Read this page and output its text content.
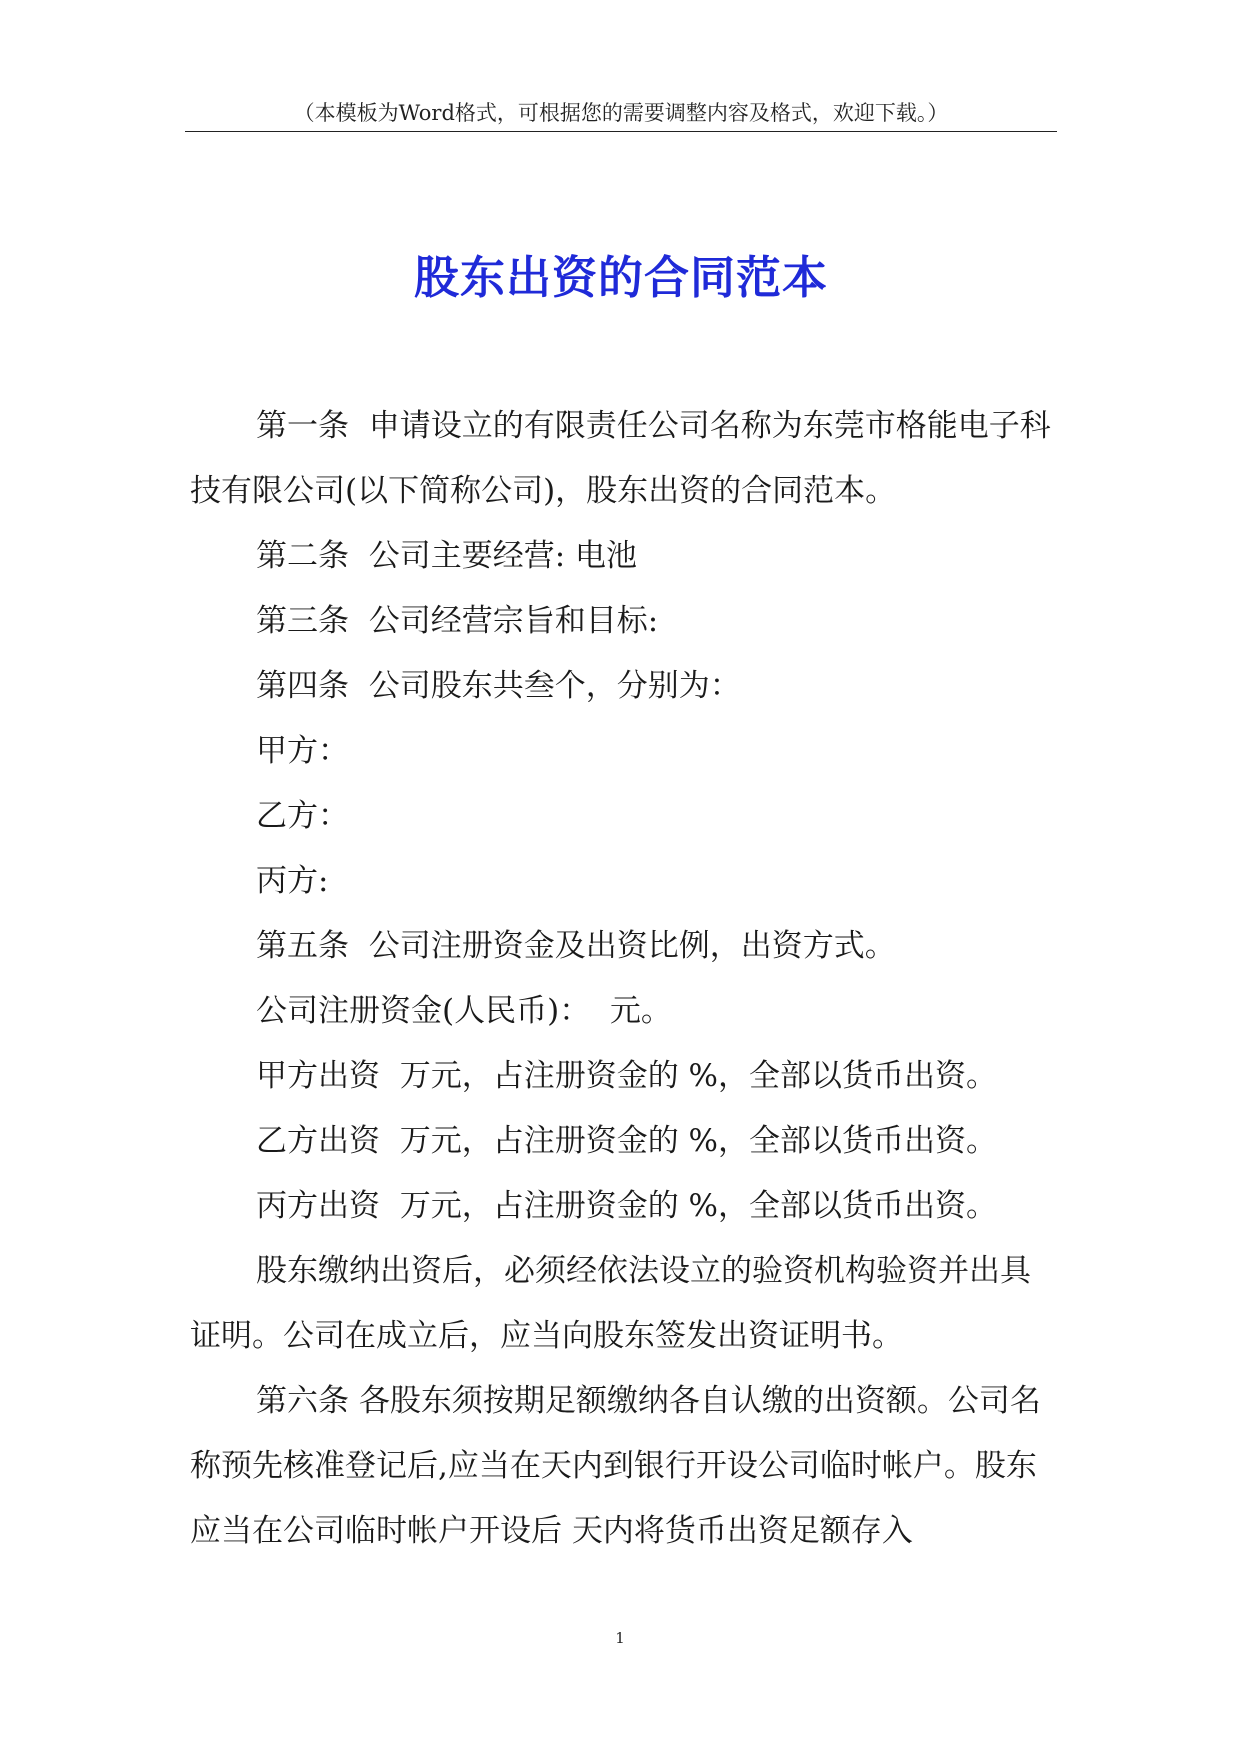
（本模板为Word格式，可根据您的需要调整内容及格式，欢迎下载。）
股东出资的合同范本

第一条  申请设立的有限责任公司名称为东莞市格能电子科技有限公司(以下简称公司)，股东出资的合同范本。

第二条  公司主要经营: 电池

第三条  公司经营宗旨和目标:

第四条  公司股东共叁个，分别为：

甲方：

乙方：

丙方:

第五条  公司注册资金及出资比例，出资方式。

公司注册资金(人民币)：  元。

甲方出资  万元，占注册资金的 %，全部以货币出资。

乙方出资  万元，占注册资金的 %，全部以货币出资。

丙方出资  万元，占注册资金的 %，全部以货币出资。

股东缴纳出资后，必须经依法设立的验资机构验资并出具证明。公司在成立后，应当向股东签发出资证明书。

第六条 各股东须按期足额缴纳各自认缴的出资额。公司名称预先核准登记后,应当在天内到银行开设公司临时帐户。股东应当在公司临时帐户开设后 天内将货币出资足额存入

1
